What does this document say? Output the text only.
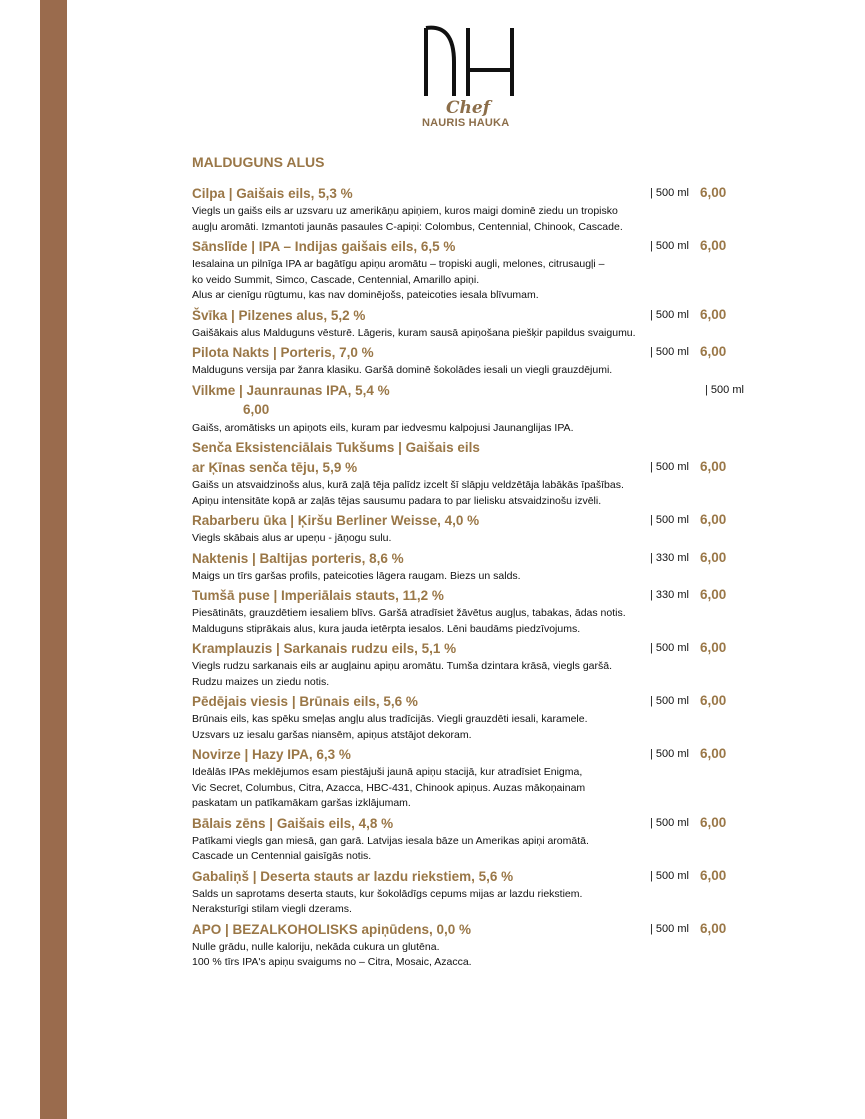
Chef
NAURIS HAUKA
MALDUGUNS ALUS
Cilpa | Gaišais eils, 5,3 %	| 500 ml 6,00
Viegls un gaišs eils ar uzsvaru uz amerikāņu apiņiem, kuros maigi dominē ziedu un tropisko
augļu aromāti. Izmantoti jaunās pasaules C-apiņi: Colombus, Centennial, Chinook, Cascade.
Sānslīde | IPA – Indijas gaišais eils, 6,5 %	| 500 ml 6,00
Iesalaina un pilnīga IPA ar bagātīgu apiņu aromātu – tropiski augli, melones, citrusaugļi –
ko veido Summit, Simco, Cascade, Centennial, Amarillo apiņi.
Alus ar cienīgu rūgtumu, kas nav dominējošs, pateicoties iesala blīvumam.
Švīka | Pilzenes alus, 5,2 %	| 500 ml 6,00
Gaišākais alus Malduguns vēsturē. Lāgeris, kuram sausā apiņošana piešķir papildus svaigumu.
Pilota Nakts | Porteris, 7,0 %	| 500 ml 6,00
Malduguns versija par žanra klasiku. Garšā dominē šokolādes iesali un viegli grauzdējumi.
Vilkme | Jaunraunas IPA, 5,4 %	| 500 ml
6,00
Gaišs, aromātisks un apiņots eils, kuram par iedvesmu kalpojusi Jaunanglijas IPA.
Senča Eksistenciālais Tukšums | Gaišais eils
ar Ķīnas senča tēju, 5,9 %	| 500 ml 6,00
Gaišs un atsvaidzinošs alus, kurā zaļā tēja palīdz izcelt šī slāpju veldzētāja labākās īpašības.
Apiņu intensitāte kopā ar zaļās tējas sausumu padara to par lielisku atsvaidzinošu izvēli.
Rabarberu ūka | Ķiršu Berliner Weisse, 4,0 %	| 500 ml 6,00
Viegls skābais alus ar upeņu - jāņogu sulu.
Naktenis | Baltijas porteris, 8,6 %	| 330 ml 6,00
Maigs un tīrs garšas profils, pateicoties lāgera raugam. Biezs un salds.
Tumšā puse | Imperiālais stauts, 11,2 %	| 330 ml 6,00
Piesātināts, grauzdētiem iesaliem blīvs. Garšā atradīsiet žāvētus augļus, tabakas, ādas notis.
Malduguns stiprākais alus, kura jauda ietērpta iesalos. Lēni baudāms piedzīvojums.
Kramplauzis | Sarkanais rudzu eils, 5,1 %	| 500 ml 6,00
Viegls rudzu sarkanais eils ar augļainu apiņu aromātu. Tumša dzintara krāsā, viegls garšā.
Rudzu maizes un ziedu notis.
Pēdējais viesis | Brūnais eils, 5,6 %	| 500 ml 6,00
Brūnais eils, kas spēku smeļas angļu alus tradīcijās. Viegli grauzdēti iesali, karamele.
Uzsvars uz iesalu garšas niansēm, apiņus atstājot dekoram.
Novirze | Hazy IPA, 6,3 %	| 500 ml 6,00
Ideālās IPAs meklējumos esam piestājuši jaunā apiņu stacijā, kur atradīsiet Enigma,
Vic Secret, Columbus, Citra, Azacca, HBC-431, Chinook apiņus. Auzas mākoņainam
paskatam un patīkamākam garšas izklājumam.
Bālais zēns | Gaišais eils, 4,8 %	| 500 ml 6,00
Patīkami viegls gan miesā, gan garā. Latvijas iesala bāze un Amerikas apiņi aromātā.
Cascade un Centennial gaisīgās notis.
Gabaliņš | Deserta stauts ar lazdu riekstiem, 5,6 %	| 500 ml 6,00
Salds un saprotams deserta stauts, kur šokolādīgs cepums mijas ar lazdu riekstiem.
Neraksturīgi stilam viegli dzerams.
APO | BEZALKOHOLISKS apiņūdens, 0,0 %	| 500 ml 6,00
Nulle grādu, nulle kaloriju, nekāda cukura un glutēna.
100 % tīrs IPA's apiņu svaigums no – Citra, Mosaic, Azacca.
